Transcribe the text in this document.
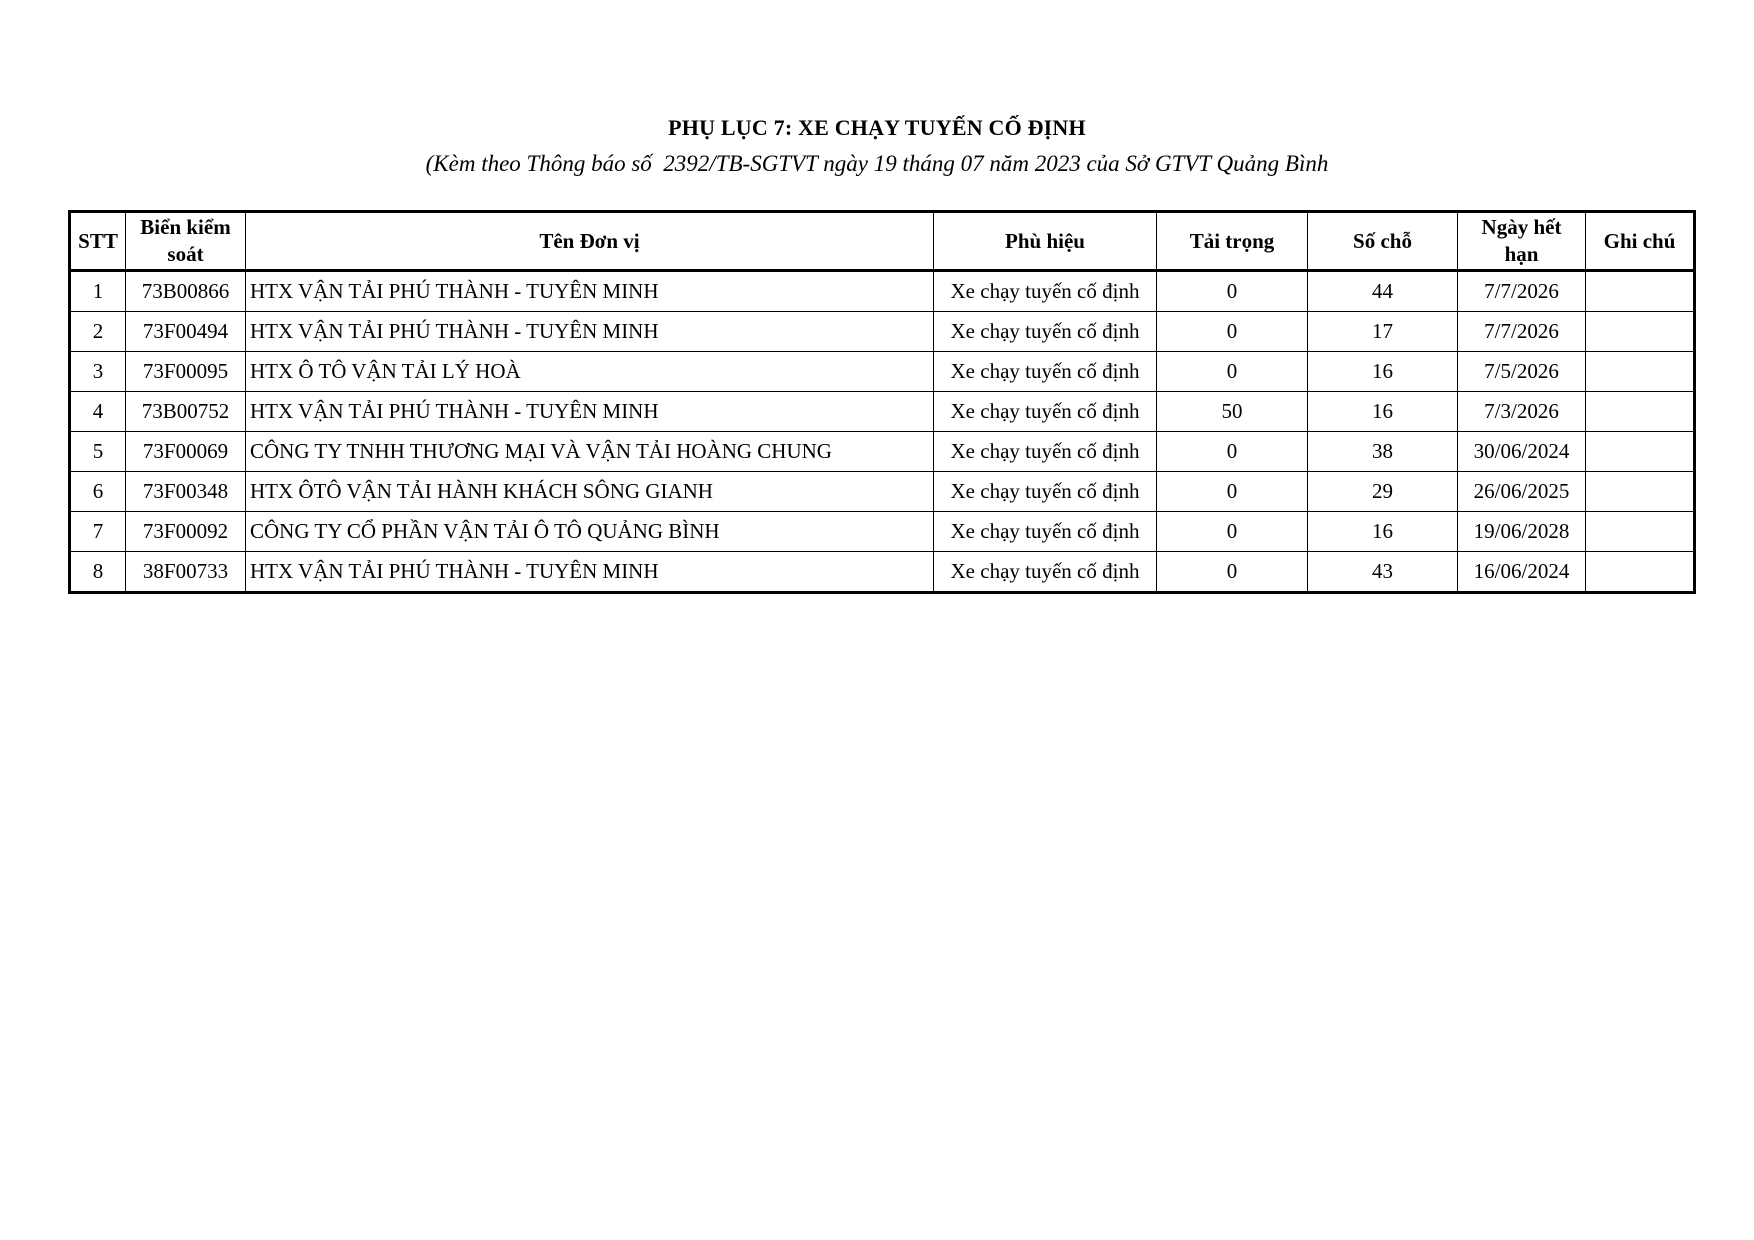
PHỤ LỤC 7: XE CHẠY TUYẾN CỐ ĐỊNH
(Kèm theo Thông báo số  2392/TB-SGTVT ngày 19 tháng 07 năm 2023 của Sở GTVT Quảng Bình
STT	Biển kiểm soát	Tên Đơn vị	Phù hiệu	Tải trọng	Số chỗ	Ngày hết hạn	Ghi chú
1	73B00866	HTX VẬN TẢI PHÚ THÀNH - TUYÊN MINH	Xe chạy tuyến cố định	0	44	7/7/2026	
2	73F00494	HTX VẬN TẢI PHÚ THÀNH - TUYÊN MINH	Xe chạy tuyến cố định	0	17	7/7/2026	
3	73F00095	HTX Ô TÔ VẬN TẢI LÝ HOÀ	Xe chạy tuyến cố định	0	16	7/5/2026	
4	73B00752	HTX VẬN TẢI PHÚ THÀNH - TUYÊN MINH	Xe chạy tuyến cố định	50	16	7/3/2026	
5	73F00069	CÔNG TY TNHH THƯƠNG MẠI VÀ VẬN TẢI HOÀNG CHUNG	Xe chạy tuyến cố định	0	38	30/06/2024	
6	73F00348	HTX ÔTÔ VẬN TẢI HÀNH KHÁCH SÔNG GIANH	Xe chạy tuyến cố định	0	29	26/06/2025	
7	73F00092	CÔNG TY CỔ PHẦN VẬN TẢI Ô TÔ QUẢNG BÌNH	Xe chạy tuyến cố định	0	16	19/06/2028	
8	38F00733	HTX VẬN TẢI PHÚ THÀNH - TUYÊN MINH	Xe chạy tuyến cố định	0	43	16/06/2024	
